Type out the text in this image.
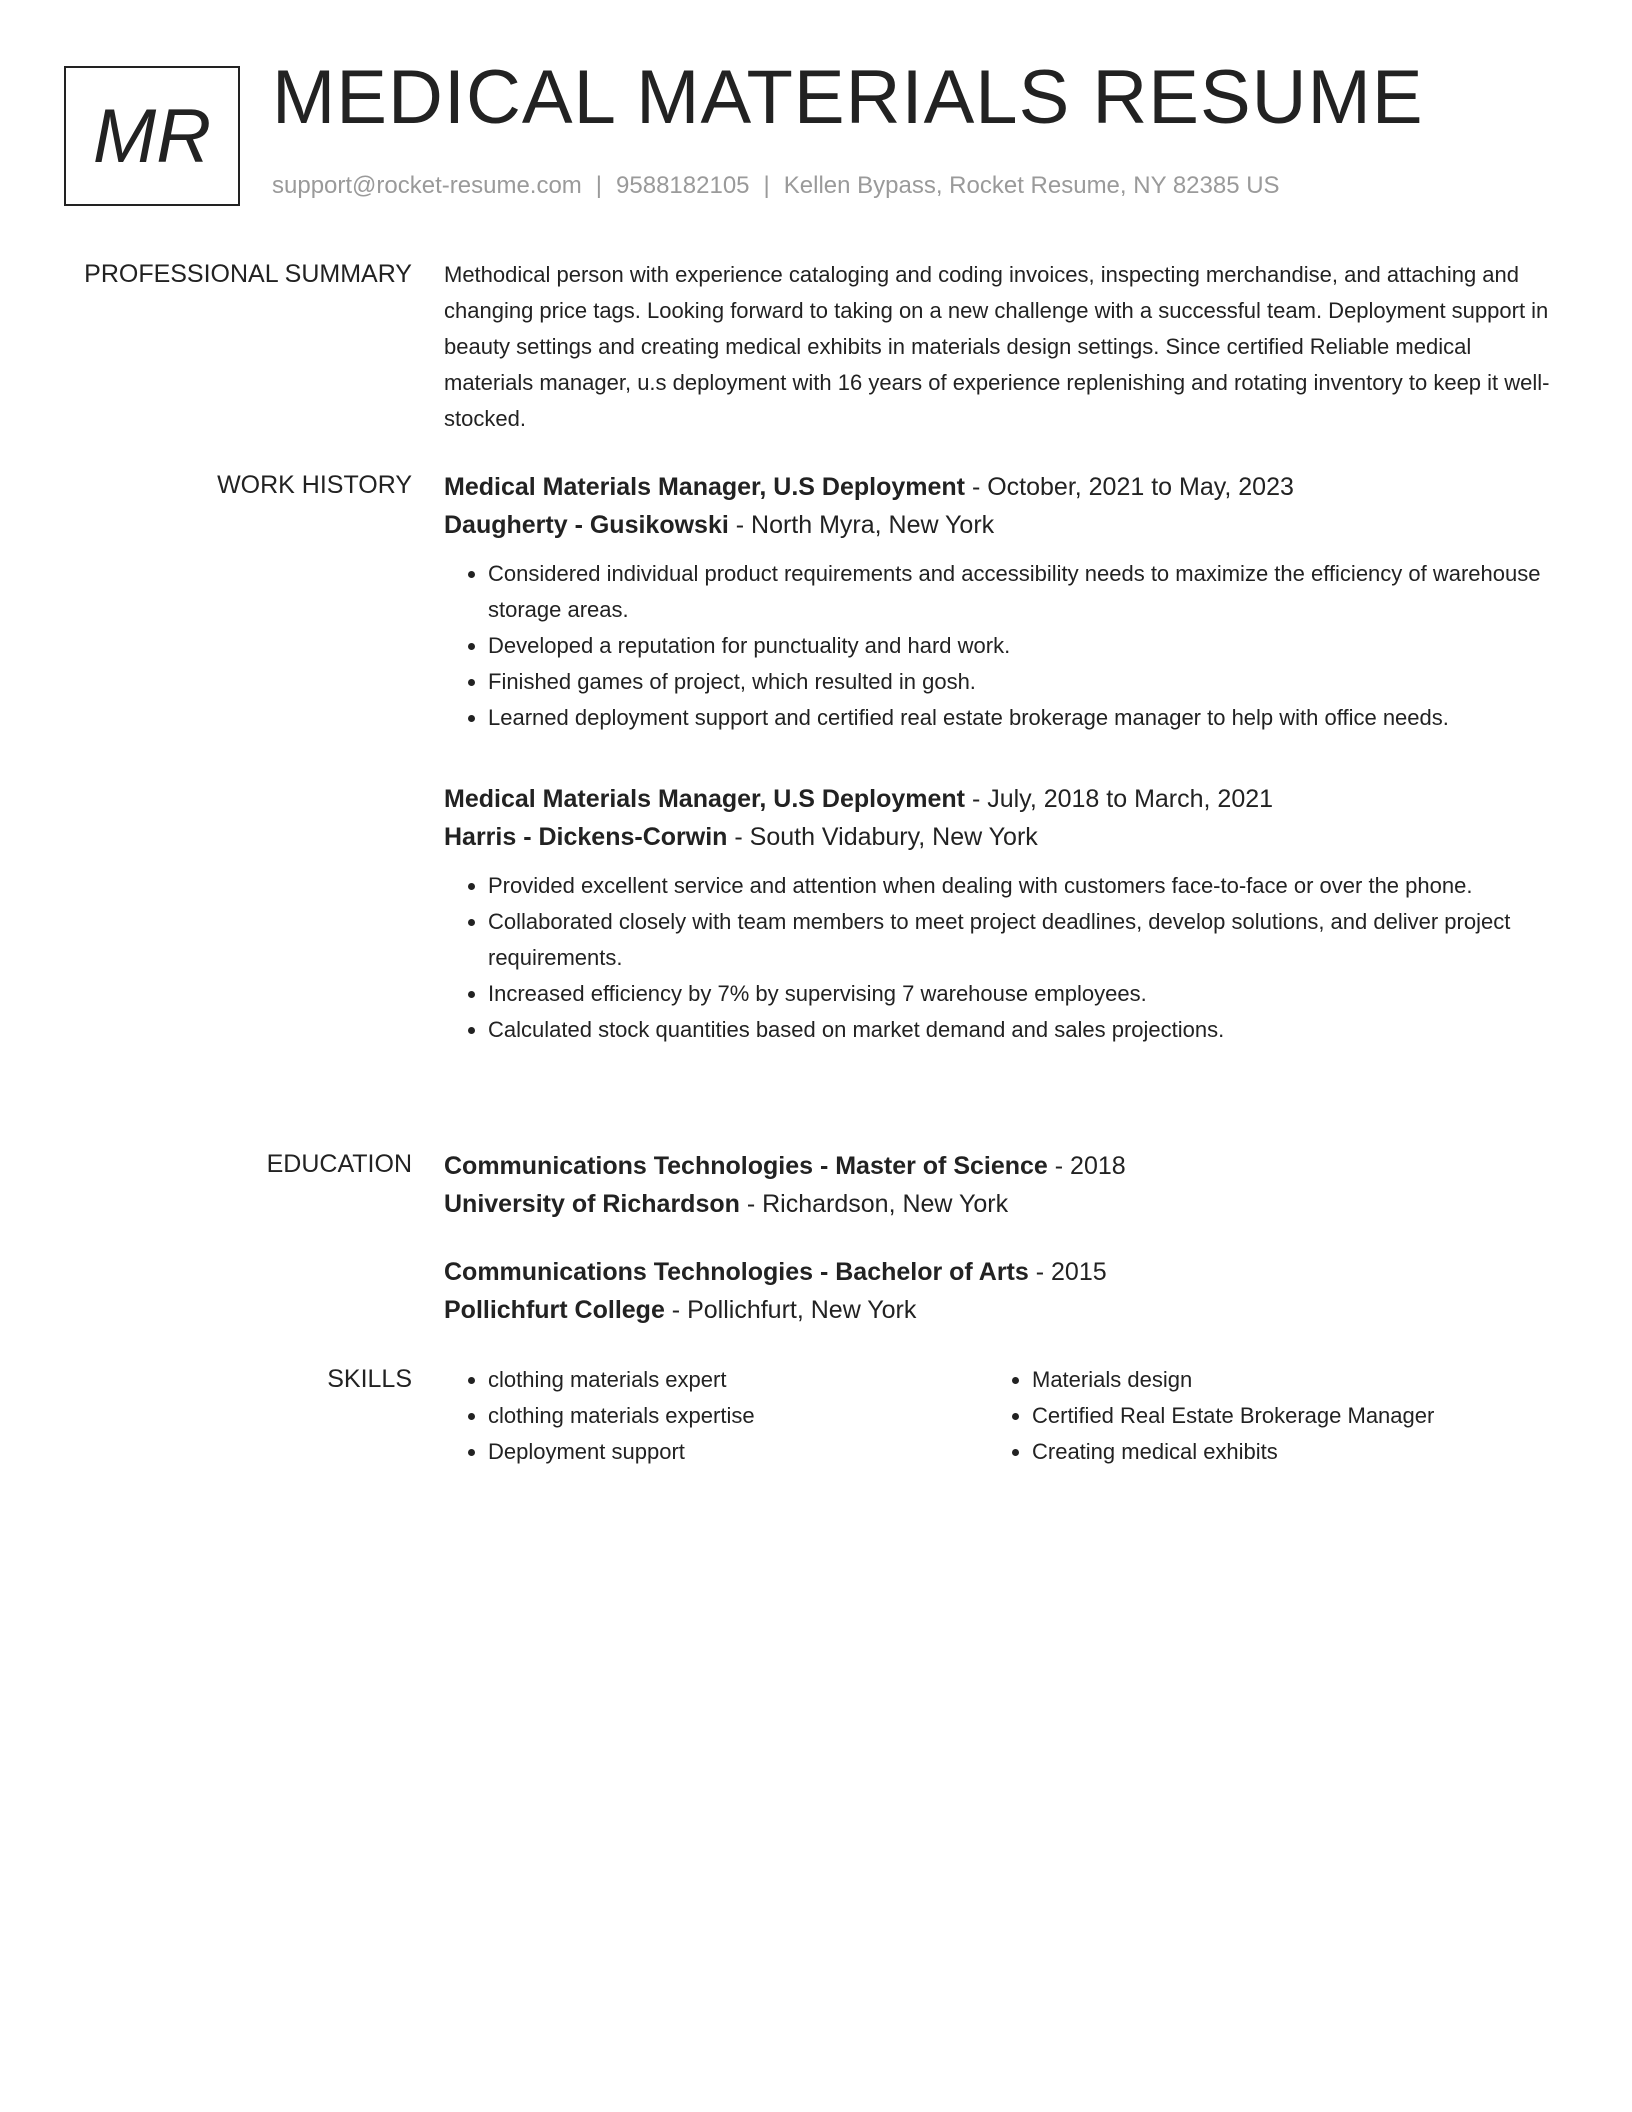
MR MEDICAL MATERIALS RESUME
support@rocket-resume.com | 9588182105 | Kellen Bypass, Rocket Resume, NY 82385 US
PROFESSIONAL SUMMARY Methodical person with experience cataloging and coding invoices, inspecting merchandise, and attaching and changing price tags. Looking forward to taking on a new challenge with a successful team. Deployment support in beauty settings and creating medical exhibits in materials design settings. Since certified Reliable medical materials manager, u.s deployment with 16 years of experience replenishing and rotating inventory to keep it well-stocked.

WORK HISTORY Medical Materials Manager, U.S Deployment - October, 2021 to May, 2023
Daugherty - Gusikowski - North Myra, New York
• Considered individual product requirements and accessibility needs to maximize the efficiency of warehouse storage areas.
• Developed a reputation for punctuality and hard work.
• Finished games of project, which resulted in gosh.
• Learned deployment support and certified real estate brokerage manager to help with office needs.
Medical Materials Manager, U.S Deployment - July, 2018 to March, 2021
Harris - Dickens-Corwin - South Vidabury, New York
• Provided excellent service and attention when dealing with customers face-to-face or over the phone.
• Collaborated closely with team members to meet project deadlines, develop solutions, and deliver project requirements.
• Increased efficiency by 7% by supervising 7 warehouse employees.
• Calculated stock quantities based on market demand and sales projections.
EDUCATION Communications Technologies - Master of Science - 2018
University of Richardson - Richardson, New York
Communications Technologies - Bachelor of Arts - 2015
Pollichfurt College - Pollichfurt, New York
SKILLS
•	clothing materials expert
• clothing materials expertise
• Deployment support
• Materials design
• Certified Real Estate Brokerage Manager
• Creating medical exhibits
